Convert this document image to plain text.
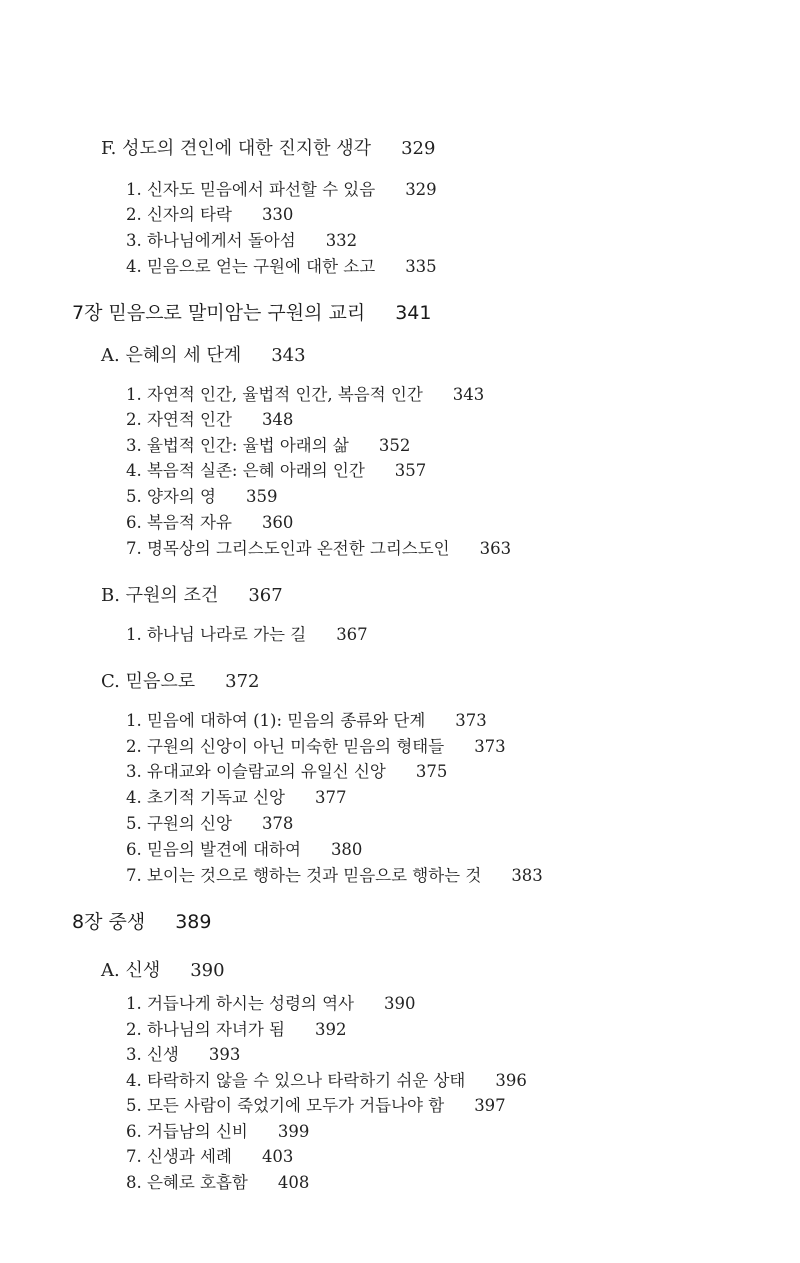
F. 성도의 견인에 대한 진지한 생각 329
1. 신자도 믿음에서 파선할 수 있음 329
2. 신자의 타락 330
3. 하나님에게서 돌아섬 332
4. 믿음으로 얻는 구원에 대한 소고 335
7장 믿음으로 말미암는 구원의 교리 341
A. 은혜의 세 단계 343
1. 자연적 인간, 율법적 인간, 복음적 인간 343
2. 자연적 인간 348
3. 율법적 인간: 율법 아래의 삶 352
4. 복음적 실존: 은혜 아래의 인간 357
5. 양자의 영 359
6. 복음적 자유 360
7. 명목상의 그리스도인과 온전한 그리스도인 363
B. 구원의 조건 367
1. 하나님 나라로 가는 길 367
C. 믿음으로 372
1. 믿음에 대하여 (1): 믿음의 종류와 단계 373
2. 구원의 신앙이 아닌 미숙한 믿음의 형태들 373
3. 유대교와 이슬람교의 유일신 신앙 375
4. 초기적 기독교 신앙 377
5. 구원의 신앙 378
6. 믿음의 발견에 대하여 380
7. 보이는 것으로 행하는 것과 믿음으로 행하는 것 383
8장 중생 389
A. 신생 390
1. 거듭나게 하시는 성령의 역사 390
2. 하나님의 자녀가 됨 392
3. 신생 393
4. 타락하지 않을 수 있으나 타락하기 쉬운 상태 396
5. 모든 사람이 죽었기에 모두가 거듭나야 함 397
6. 거듭남의 신비 399
7. 신생과 세례 403
8. 은혜로 호흡함 408
